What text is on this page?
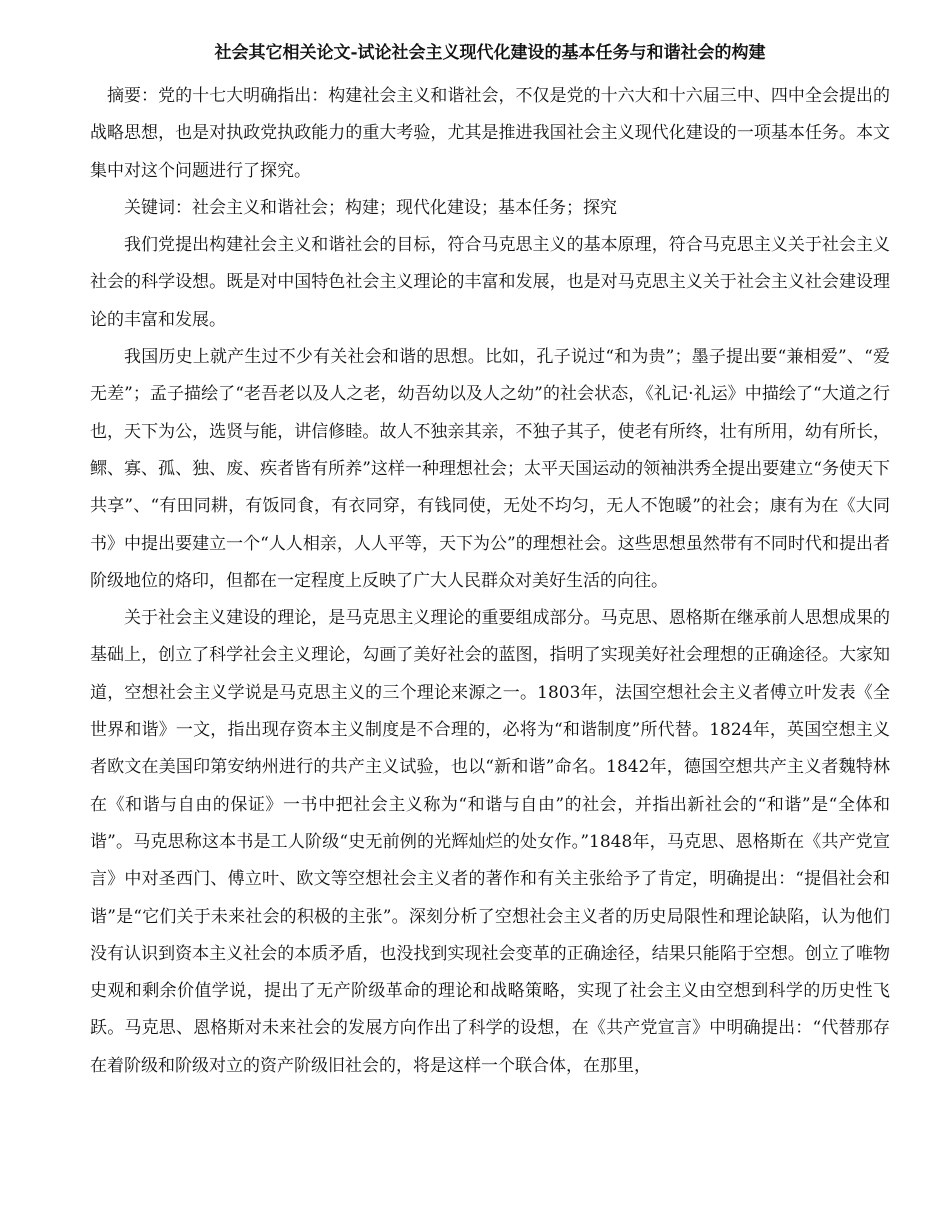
社会其它相关论文-试论社会主义现代化建设的基本任务与和谐社会的构建

摘要：党的十七大明确指出：构建社会主义和谐社会，不仅是党的十六大和十六届三中、四中全会提出的战略思想，也是对执政党执政能力的重大考验，尤其是推进我国社会主义现代化建设的一项基本任务。本文集中对这个问题进行了探究。

关键词：社会主义和谐社会；构建；现代化建设；基本任务；探究

我们党提出构建社会主义和谐社会的目标，符合马克思主义的基本原理，符合马克思主义关于社会主义社会的科学设想。既是对中国特色社会主义理论的丰富和发展，也是对马克思主义关于社会主义社会建设理论的丰富和发展。

我国历史上就产生过不少有关社会和谐的思想。比如，孔子说过“和为贵”；墨子提出要“兼相爱”、“爱无差”；孟子描绘了“老吾老以及人之老，幼吾幼以及人之幼”的社会状态，《礼记·礼运》中描绘了“大道之行也，天下为公，选贤与能，讲信修睦。故人不独亲其亲，不独子其子，使老有所终，壮有所用，幼有所长，鳏、寡、孤、独、废、疾者皆有所养”这样一种理想社会；太平天国运动的领袖洪秀全提出要建立“务使天下共享”、“有田同耕，有饭同食，有衣同穿，有钱同使，无处不均匀，无人不饱暖”的社会；康有为在《大同书》中提出要建立一个“人人相亲，人人平等，天下为公”的理想社会。这些思想虽然带有不同时代和提出者阶级地位的烙印，但都在一定程度上反映了广大人民群众对美好生活的向往。

关于社会主义建设的理论，是马克思主义理论的重要组成部分。马克思、恩格斯在继承前人思想成果的基础上，创立了科学社会主义理论，勾画了美好社会的蓝图，指明了实现美好社会理想的正确途径。大家知道，空想社会主义学说是马克思主义的三个理论来源之一。1803年，法国空想社会主义者傅立叶发表《全世界和谐》一文，指出现存资本主义制度是不合理的，必将为“和谐制度”所代替。1824年，英国空想主义者欧文在美国印第安纳州进行的共产主义试验，也以“新和谐”命名。1842年，德国空想共产主义者魏特林在《和谐与自由的保证》一书中把社会主义称为“和谐与自由”的社会，并指出新社会的“和谐”是“全体和谐”。马克思称这本书是工人阶级“史无前例的光辉灿烂的处女作。”1848年，马克思、恩格斯在《共产党宣言》中对圣西门、傅立叶、欧文等空想社会主义者的著作和有关主张给予了肯定，明确提出：“提倡社会和谐”是“它们关于未来社会的积极的主张”。深刻分析了空想社会主义者的历史局限性和理论缺陷，认为他们没有认识到资本主义社会的本质矛盾，也没找到实现社会变革的正确途径，结果只能陷于空想。创立了唯物史观和剩余价值学说，提出了无产阶级革命的理论和战略策略，实现了社会主义由空想到科学的历史性飞跃。马克思、恩格斯对未来社会的发展方向作出了科学的设想，在《共产党宣言》中明确提出：“代替那存在着阶级和阶级对立的资产阶级旧社会的，将是这样一个联合体，在那里，
